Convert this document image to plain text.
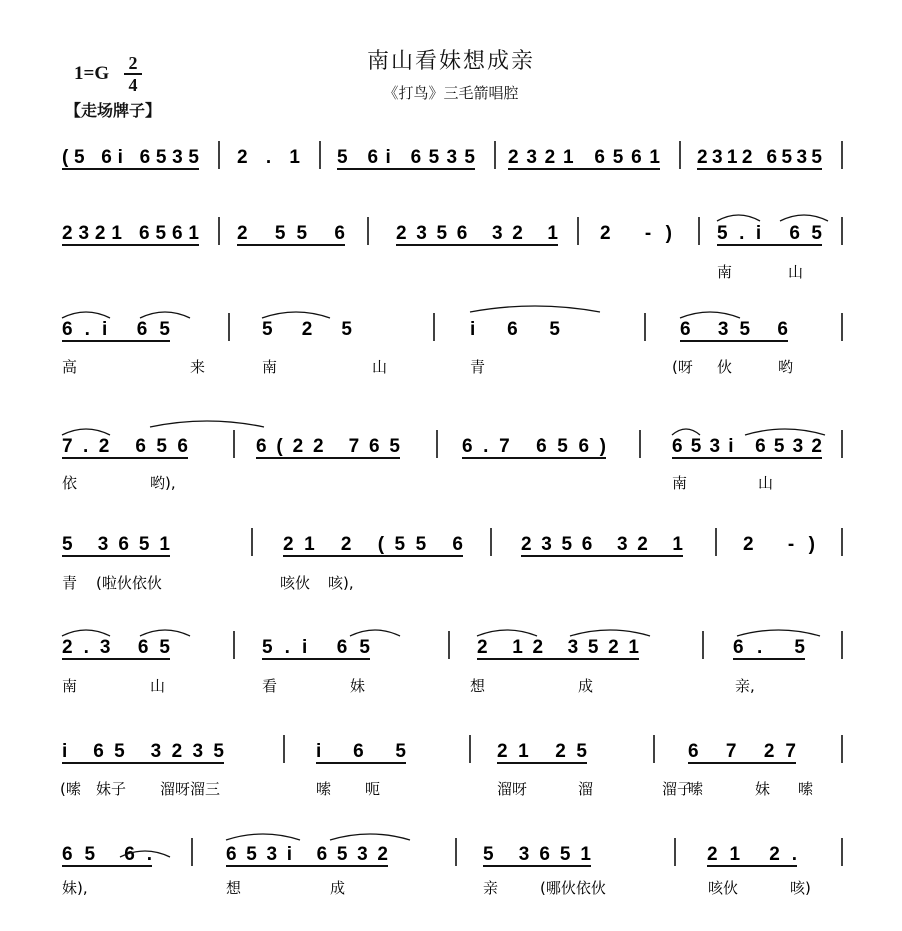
1=G 2
4
【走场牌子】
南山看妹想成亲
《打鸟》三毛箭唱腔
(5 6i 6535 2 . 1 5 6i 6535 2321 6561 2312 6535
2321 6561 2 55 6	2356 32 1 2 -) 5.i 65
南	山
6.i 65	5 2 5	i 6 5	6 35 6
高	来	南	山	青	(呀 伙	哟
7.2 656	6(22 765	6.7 656)	653i 6532
依	哟),	南	山
5 3651	21 2 (55 6	2356 32 1	2 -)
青 (啦伙依伙	咳伙 咳),
2.3 65	5.i 65	2 12 3521	6. 5
南	山	看	妹	想	成	亲,
i 65 3235	i 6 5	21 25	6 7 27
(嗦 妹子 溜呀溜三	嗦 呃	溜呀	溜	嗦	妹 嗦
溜子
65 6.	653i 6532	5 3651	21 2.
妹),	想	成	亲	(哪伙依伙	咳伙	咳)
